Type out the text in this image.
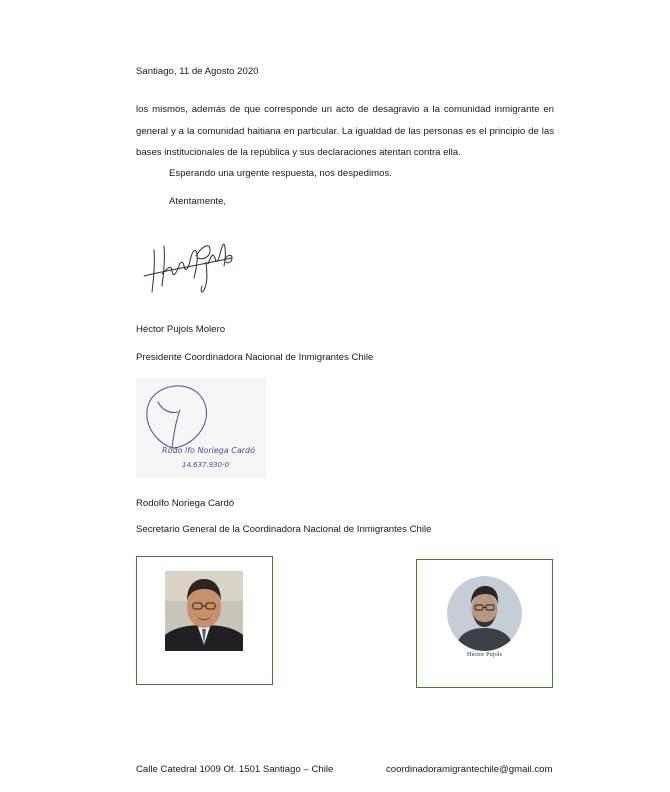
Santiago, 11 de Agosto 2020
los mismos, además de que corresponde un acto de desagravio a la comunidad inmigrante en general y a la comunidad haitiana en particular. La igualdad de las personas es el principio de las bases institucionales de la república y sus declaraciones atentan contra ella.
Esperando una urgente respuesta, nos despedimos.
Atentamente,
Héctor Pujols Molero
Presidente Coordinadora Nacional de Inmigrantes Chile
Rodo lfo Noriega Cardó
14.637.930-0
Rodolfo Noriega Cardó
Secretario General de la Coordinadora Nacional de Inmigrantes Chile
Héctor Pujols
Calle Catedral 1009 Of. 1501 Santiago – Chile	coordinadoramigrantechile@gmail.com
